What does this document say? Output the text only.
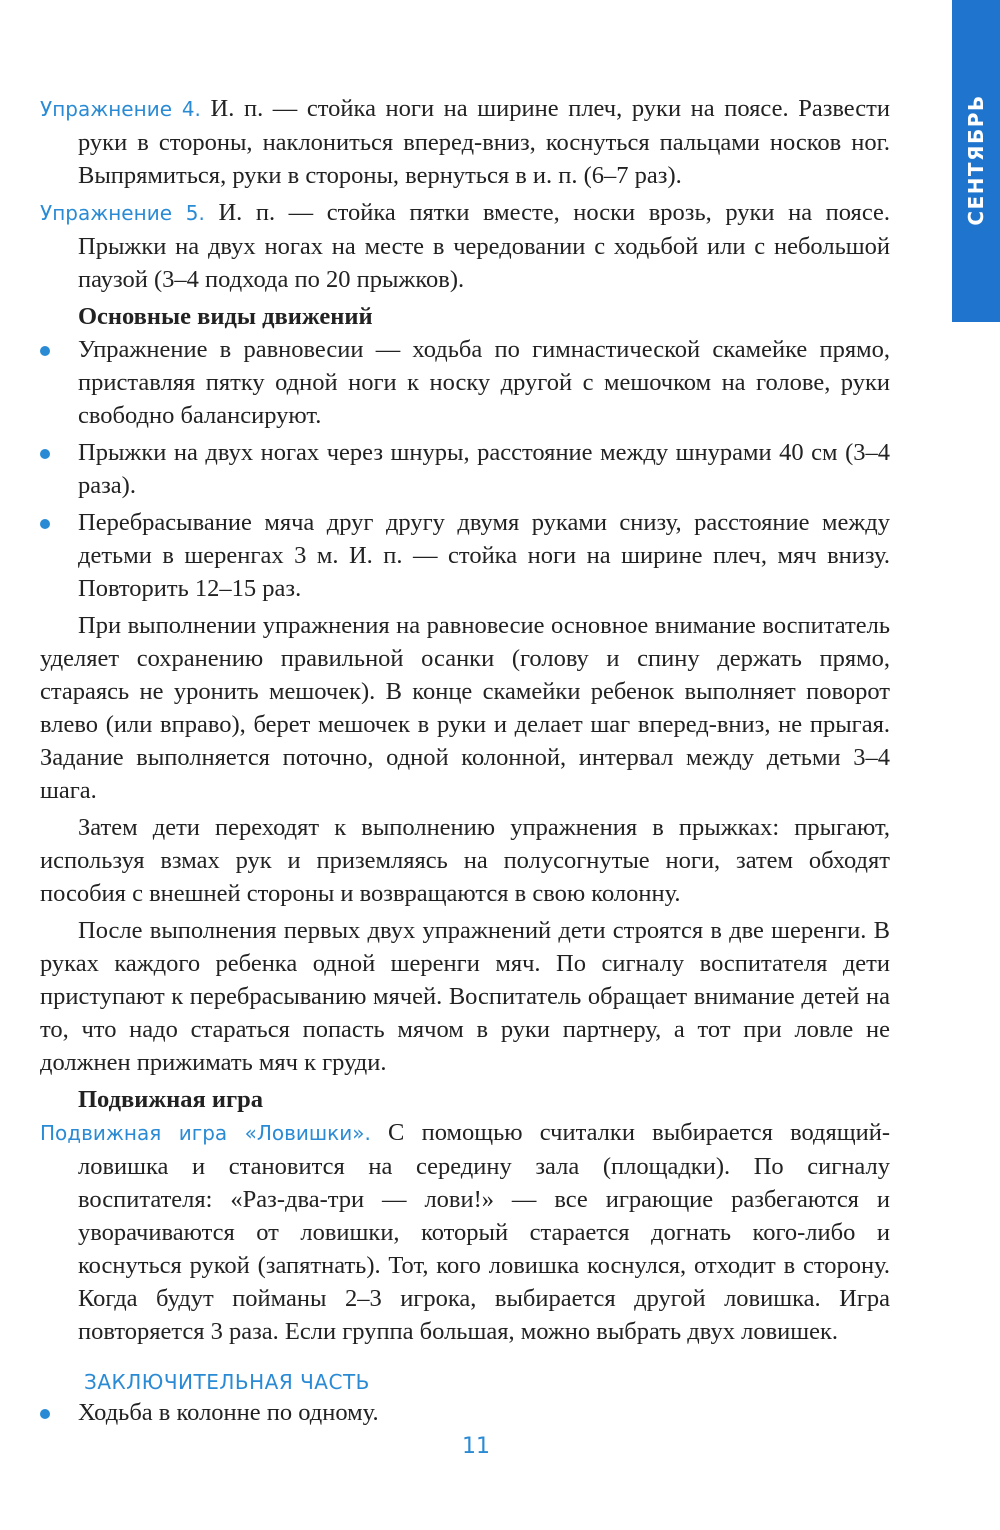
СЕНТЯБРЬ

Упражнение 4. И. п. — стойка ноги на ширине плеч, руки на поясе. Развести руки в стороны, наклониться вперед-вниз, коснуться пальцами носков ног. Выпрямиться, руки в стороны, вернуться в и. п. (6–7 раз).

Упражнение 5. И. п. — стойка пятки вместе, носки врозь, руки на поясе. Прыжки на двух ногах на месте в чередовании с ходьбой или с небольшой паузой (3–4 подхода по 20 прыжков).

Основные виды движений

Упражнение в равновесии — ходьба по гимнастической скамейке прямо, приставляя пятку одной ноги к носку другой с мешочком на голове, руки свободно балансируют.

Прыжки на двух ногах через шнуры, расстояние между шнурами 40 см (3–4 раза).

Перебрасывание мяча друг другу двумя руками снизу, расстояние между детьми в шеренгах 3 м. И. п. — стойка ноги на ширине плеч, мяч внизу. Повторить 12–15 раз.

При выполнении упражнения на равновесие основное внимание воспитатель уделяет сохранению правильной осанки (голову и спину держать прямо, стараясь не уронить мешочек). В конце скамейки ребенок выполняет поворот влево (или вправо), берет мешочек в руки и делает шаг вперед-вниз, не прыгая. Задание выполняется поточно, одной колонной, интервал между детьми 3–4 шага.

Затем дети переходят к выполнению упражнения в прыжках: прыгают, используя взмах рук и приземляясь на полусогнутые ноги, затем обходят пособия с внешней стороны и возвращаются в свою колонну.

После выполнения первых двух упражнений дети строятся в две шеренги. В руках каждого ребенка одной шеренги мяч. По сигналу воспитателя дети приступают к перебрасыванию мячей. Воспитатель обращает внимание детей на то, что надо стараться попасть мячом в руки партнеру, а тот при ловле не должнен прижимать мяч к груди.

Подвижная игра

Подвижная игра «Ловишки». С помощью считалки выбирается водящий-ловишка и становится на середину зала (площадки). По сигналу воспитателя: «Раз-два-три — лови!» — все играющие разбегаются и уворачиваются от ловишки, который старается догнать кого-либо и коснуться рукой (запятнать). Тот, кого ловишка коснулся, отходит в сторону. Когда будут пойманы 2–3 игрока, выбирается другой ловишка. Игра повторяется 3 раза. Если группа большая, можно выбрать двух ловишек.

ЗАКЛЮЧИТЕЛЬНАЯ ЧАСТЬ

Ходьба в колонне по одному.

11
